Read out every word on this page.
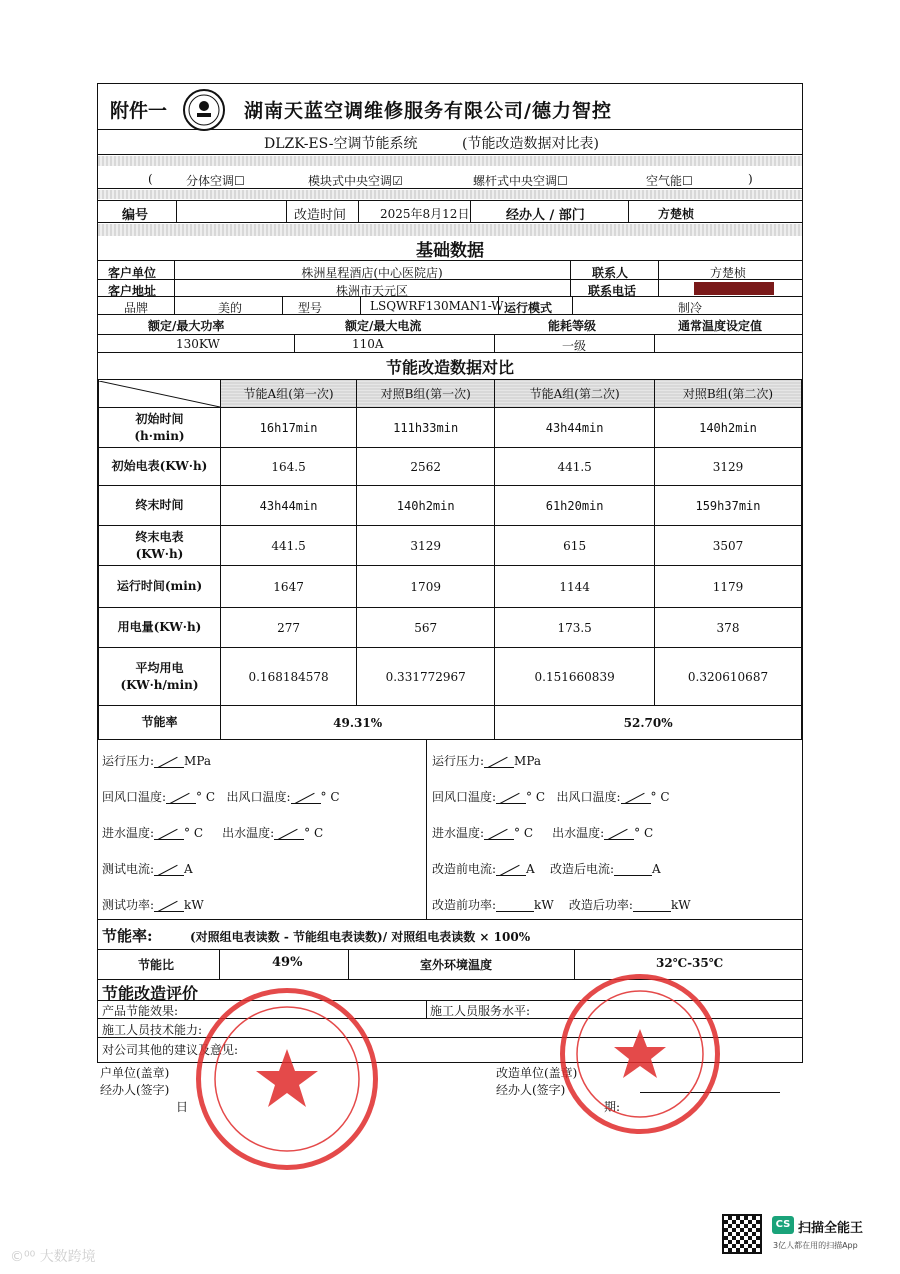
附件一	湖南天蓝空调维修服务有限公司/德力智控
DLZK-ES-空调节能系统	(节能改造数据对比表)
(	分体空调☐	模块式中央空调☑	螺杆式中央空调☐	空气能☐	)
编号	改造时间	2025年8月12日	经办人 / 部门	方楚桢
基础数据
客户单位	株洲星程酒店(中心医院店)	联系人	方楚桢
客户地址	株洲市天元区	联系电话
品牌	美的	型号	LSQWRF130MAN1-W 运行模式	制冷
额定/最大功率	额定/最大电流	能耗等级	通常温度设定值
130KW	110A	一级
节能改造数据对比
	节能A组(第一次)	对照B组(第一次)	节能A组(第二次)	对照B组(第二次)

初始时间
(h·min)	16h17min	111h33min	43h44min	140h2min

初始电表(KW·h)	164.5	2562	441.5	3129

终末时间	43h44min	140h2min	61h20min	159h37min

终末电表
(KW·h)	441.5	3129	615	3507

运行时间(min)	1647	1709	1144	1179

用电量(KW·h)	277	567	173.5	378

平均用电
(KW·h/min)	0.168184578	0.331772967	0.151660839	0.320610687
节能率	49.31%		52.70%	
运行压力:	MPa
回风口温度:	° C 出风口温度:	° C
进水温度:	° C 出水温度:	° C
测试电流:	A
测试功率:	kW
运行压力:	MPa
回风口温度:	° C 出风口温度:	° C
进水温度:	° C 出水温度:	° C
改造前电流:	A 改造后电流:	A
改造前功率:	kW 改造后功率:	kW
节能率:	(对照组电表读数 - 节能组电表读数)/ 对照组电表读数 × 100%
节能比	49%	室外环境温度	32℃-35℃
节能改造评价
产品节能效果:	施工人员服务水平:
施工人员技术能力:
对公司其他的建议及意见:
户单位(盖章)
经办人(签字)
日
改造单位(盖章)
经办人(签字)
期:
CS 扫描全能王
3亿人都在用的扫描App
©⁰⁰ 大数跨境
